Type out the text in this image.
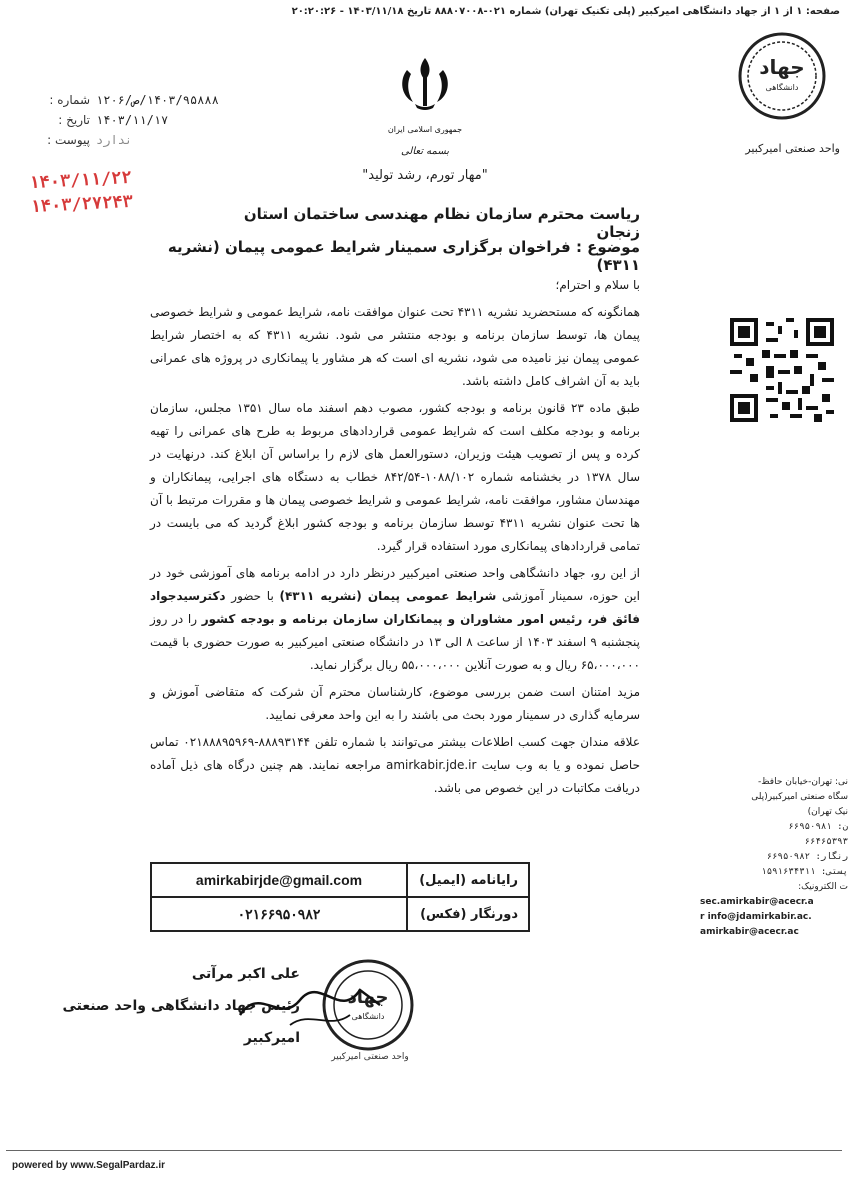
صفحه: ۱ از ۱ از جهاد دانشگاهی امیرکبیر (پلی تکنیک تهران) شماره ۰۲۱-۸۸۸۰۷۰۰۸ تاریخ ۱۴۰۳/۱۱/۱۸ - ۲۰:۲۰:۲۶
جهاد
دانشگاهی
واحد صنعتی امیرکبیر
جمهوری اسلامی ایران
بسمه تعالی
"مهار تورم، رشد تولید"
شماره : ۱۴۰۳/۹۵۸۸۸/ص/۱۲۰۶
تاریخ : ۱۴۰۳/۱۱/۱۷
پیوست : ندارد
۱۴۰۳/۱۱/۲۲
۱۴۰۳/۲۷۲۴۳	ریاست محترم سازمان نظام مهندسی ساختمان استان زنجان
موضوع : فراخوان برگزاری سمینار شرایط عمومی پیمان (نشریه ۴۳۱۱)

با سلام و احترام؛

همانگونه که مستحضرید نشریه ۴۳۱۱ تحت عنوان موافقت نامه، شرایط عمومی و شرایط خصوصی پیمان ها، توسط سازمان برنامه و بودجه منتشر می شود. نشریه ۴۳۱۱ که به اختصار شرایط عمومی پیمان نیز نامیده می شود، نشریه ای است که هر مشاور یا پیمانکاری در پروژه های عمرانی باید به آن اشراف کامل داشته باشد.

طبق ماده ۲۳ قانون برنامه و بودجه کشور، مصوب دهم اسفند ماه سال ۱۳۵۱ مجلس، سازمان برنامه و بودجه مکلف است که شرایط عمومی قراردادهای مربوط به طرح های عمرانی را تهیه کرده و پس از تصویب هیئت وزیران، دستورالعمل های لازم را براساس آن ابلاغ کند. درنهایت در سال ۱۳۷۸ در بخشنامه شماره ۱۰۸۸/۱۰۲-۸۴۲/۵۴ خطاب به دستگاه های اجرایی، پیمانکاران و مهندسان مشاور، موافقت نامه، شرایط عمومی و شرایط خصوصی پیمان ها و مقررات مرتبط با آن ها تحت عنوان نشریه ۴۳۱۱ توسط سازمان برنامه و بودجه کشور ابلاغ گردید که می بایست در تمامی قراردادهای پیمانکاری مورد استفاده قرار گیرد.

از این رو، جهاد دانشگاهی واحد صنعتی امیرکبیر درنظر دارد در ادامه برنامه های آموزشی خود در این حوزه، سمینار آموزشی شرایط عمومی پیمان (نشریه ۴۳۱۱) با حضور دکترسیدجواد فائق فر، رئیس امور مشاوران و پیمانکاران سازمان برنامه و بودجه کشور را در روز پنجشنبه ۹ اسفند ۱۴۰۳ از ساعت ۸ الی ۱۳ در دانشگاه صنعتی امیرکبیر به صورت حضوری با قیمت ۶۵،۰۰۰،۰۰۰ ریال و به صورت آنلاین ۵۵،۰۰۰،۰۰۰ ریال برگزار نماید.

مزید امتنان است ضمن بررسی موضوع، کارشناسان محترم آن شرکت که متقاضی آموزش و سرمایه گذاری در سمینار مورد بحث می باشند را به این واحد معرفی نمایید.

علاقه مندان جهت کسب اطلاعات بیشتر می‌توانند با شماره تلفن ۸۸۸۹۳۱۴۴-۰۲۱۸۸۸۹۵۹۶۹ تماس حاصل نموده و یا به وب سایت amirkabir.jde.ir مراجعه نمایند. هم چنین درگاه های ذیل آماده دریافت مکاتبات در این خصوص می باشد.

رایانامه (ایمیل)	amirkabirjde@gmail.com
دورنگار (فکس)	۰۲۱۶۶۹۵۰۹۸۲
علی اکبر مرآتی
رئیس جهاد دانشگاهی واحد صنعتی
امیرکبیر
جهاد
دانشگاهی
واحد صنعتی امیرکبیر
نی: تهران-خیابان حافظ-
سگاه صنعتی امیرکبیر(پلی
نیک تهران)
ن: ۶۶۹۵۰۹۸۱
۶۶۴۶۵۳۹۳
رنگار: ۶۶۹۵۰۹۸۲
پستی: ۱۵۹۱۶۳۴۳۱۱
ت الکترونیک:
sec.amirkabir@acecr.a
r info@jdamirkabir.ac.
amirkabir@acecr.ac
powered by www.SegalPardaz.ir
